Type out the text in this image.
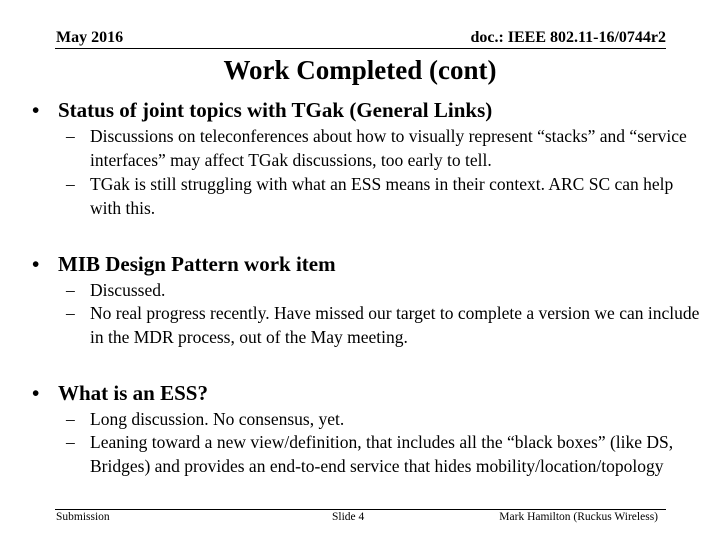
May 2016	doc.: IEEE 802.11-16/0744r2
Work Completed (cont)
• Status of joint topics with TGak (General Links)
– Discussions on teleconferences about how to visually represent “stacks” and “service interfaces” may affect TGak discussions, too early to tell.
– TGak is still struggling with what an ESS means in their context. ARC SC can help with this.
• MIB Design Pattern work item
– Discussed.
– No real progress recently. Have missed our target to complete a version we can include in the MDR process, out of the May meeting.
• What is an ESS?
– Long discussion. No consensus, yet.
– Leaning toward a new view/definition, that includes all the “black boxes” (like DS, Bridges) and provides an end-to-end service that hides mobility/location/topology
Submission	Slide 4	Mark Hamilton (Ruckus Wireless)
